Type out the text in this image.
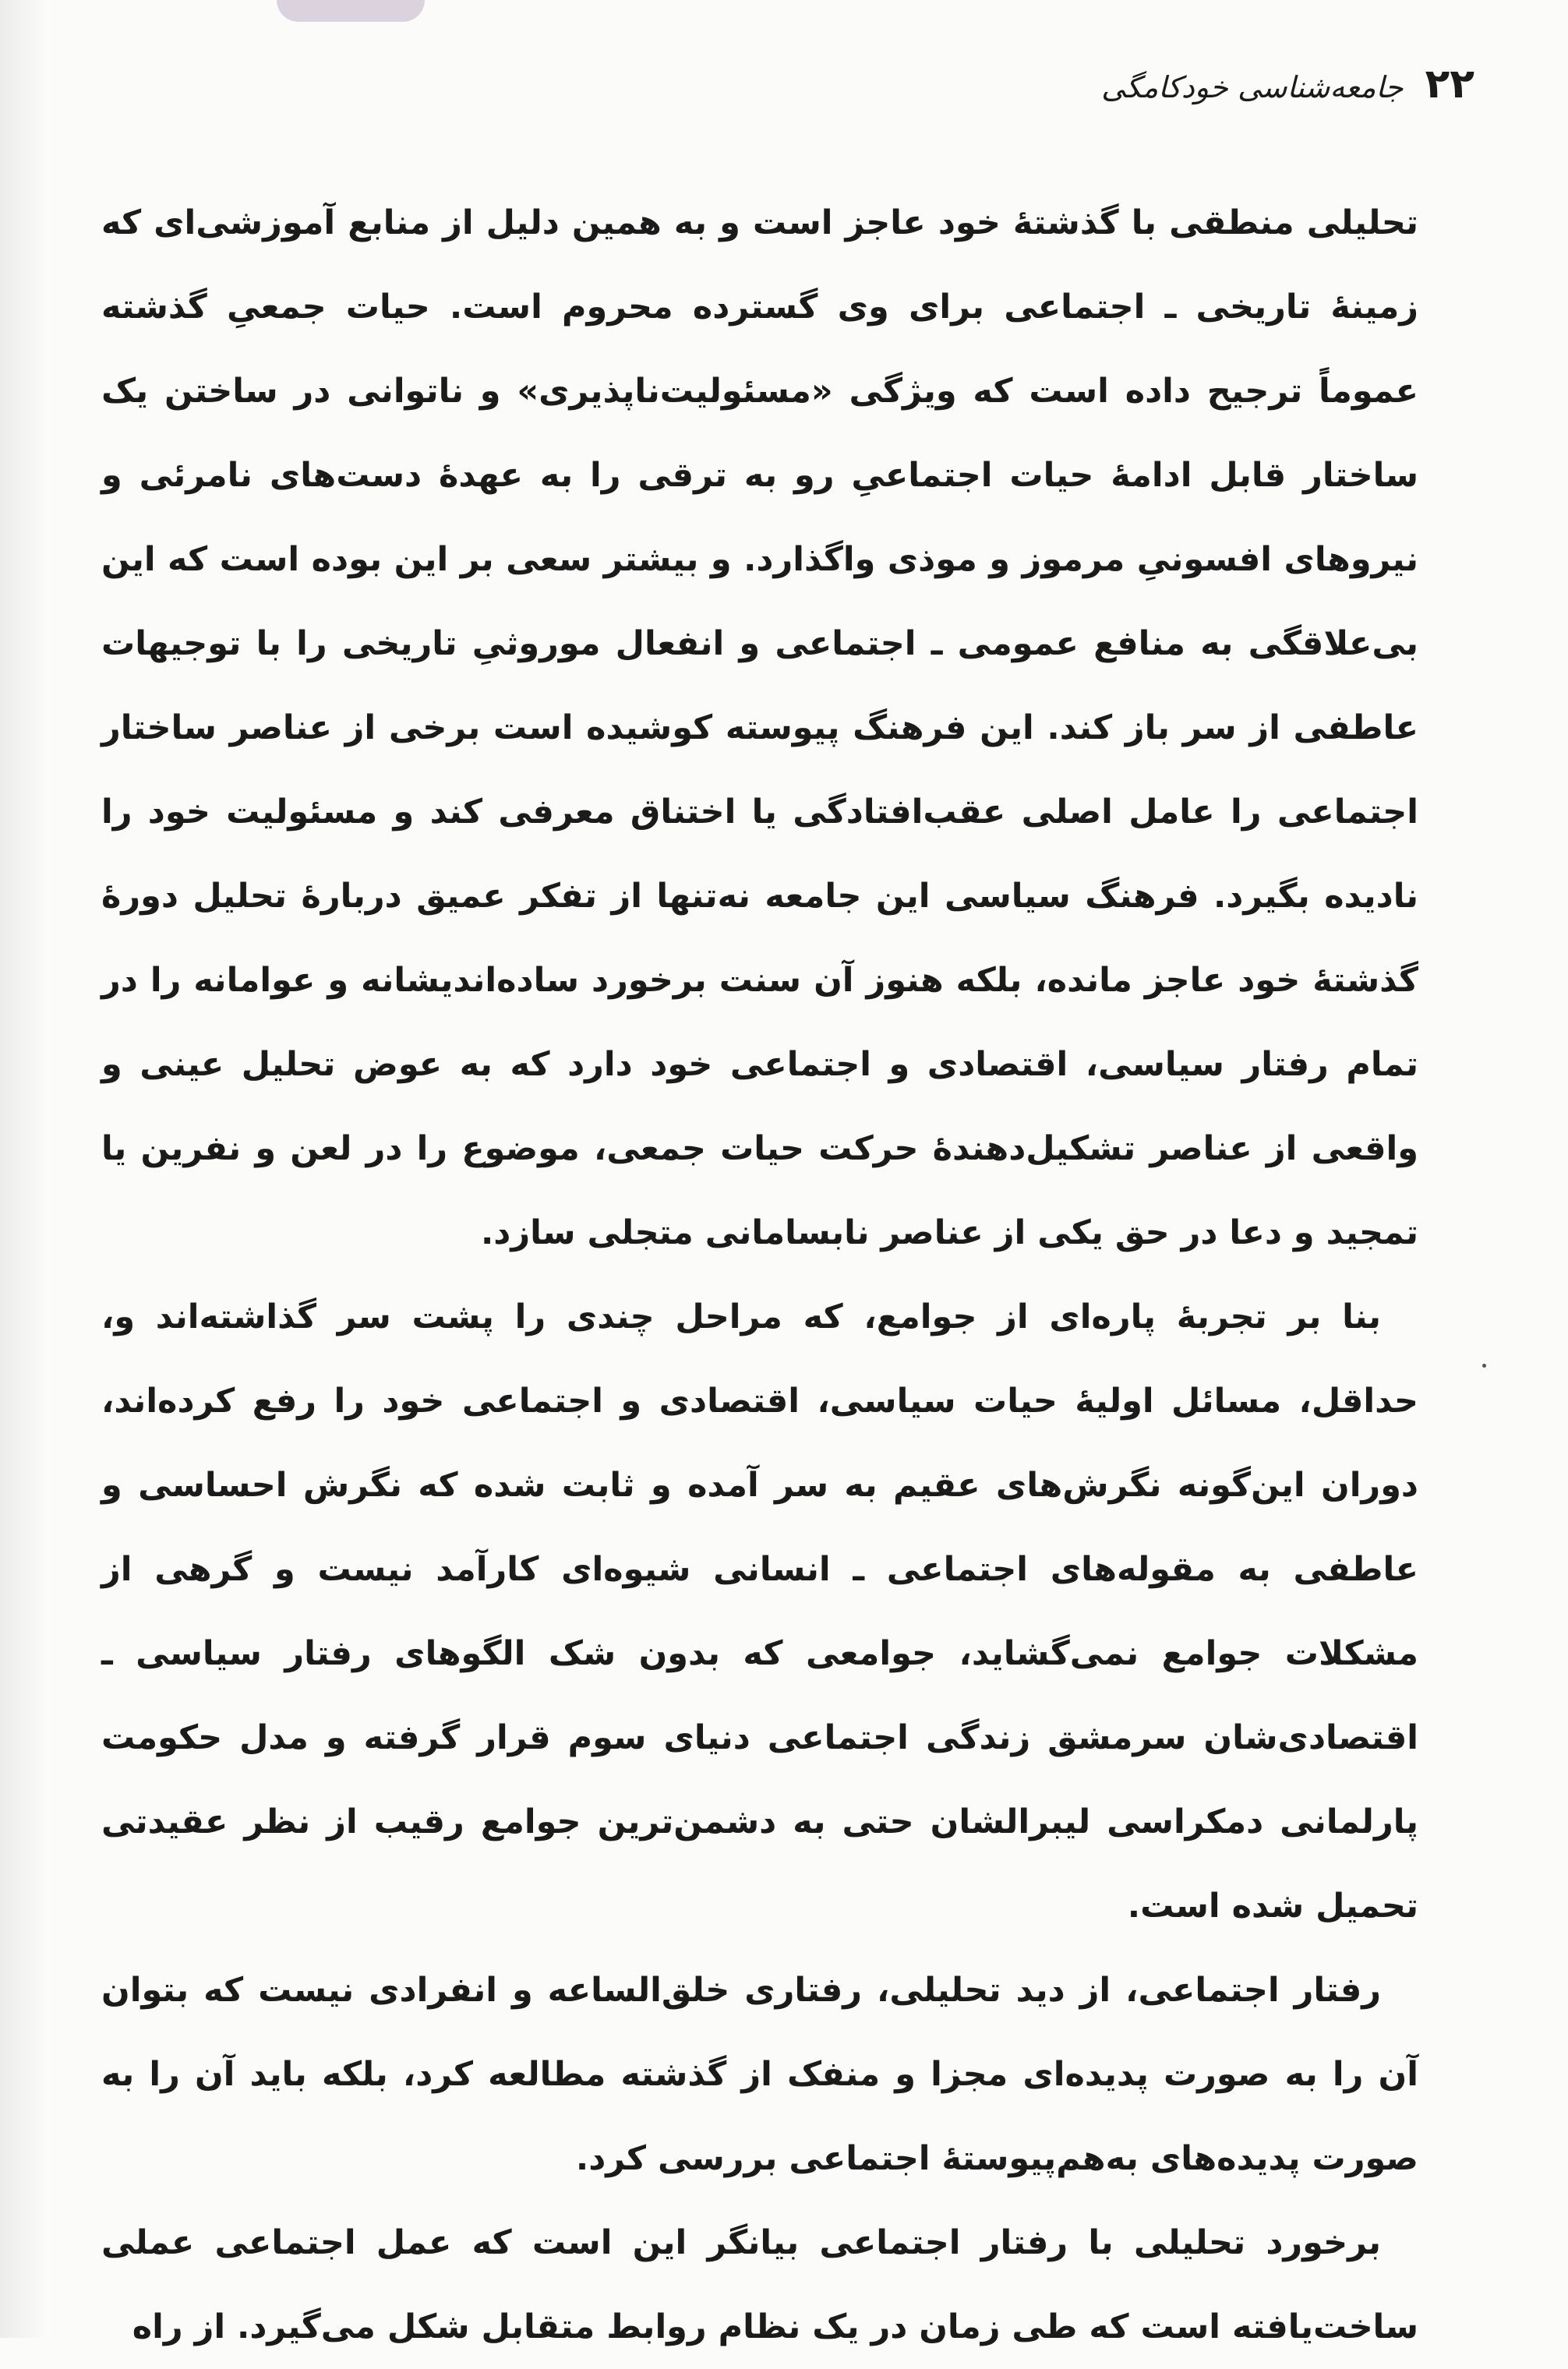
۲۲
جامعه‌شناسی خودکامگی

تحلیلی منطقی با گذشتهٔ خود عاجز است و به همین دلیل از منابع آموزشی‌ای که زمینهٔ تاریخی ـ اجتماعی برای وی گسترده محروم است. حیات جمعیِ گذشته عموماً ترجیح داده است که ویژگی «مسئولیت‌ناپذیری» و ناتوانی در ساختن یک ساختار قابل ادامهٔ حیات اجتماعیِ رو به ترقی را به عهدهٔ دست‌های نامرئی و نیروهای افسونیِ مرموز و موذی واگذارد. و بیشتر سعی بر این بوده است که این بی‌علاقگی به منافع عمومی ـ اجتماعی و انفعال موروثیِ تاریخی را با توجیهات عاطفی از سر باز کند. این فرهنگ پیوسته کوشیده است برخی از عناصر ساختار اجتماعی را عامل اصلی عقب‌افتادگی یا اختناق معرفی کند و مسئولیت خود را نادیده بگیرد. فرهنگ سیاسی این جامعه نه‌تنها از تفکر عمیق دربارهٔ تحلیل دورهٔ گذشتهٔ خود عاجز مانده، بلکه هنوز آن سنت برخورد ساده‌اندیشانه و عوامانه را در تمام رفتار سیاسی، اقتصادی و اجتماعی خود دارد که به عوض تحلیل عینی و واقعی از عناصر تشکیل‌دهندهٔ حرکت حیات جمعی، موضوع را در لعن و نفرین یا تمجید و دعا در حق یکی از عناصر نابسامانی متجلی سازد.

بنا بر تجربهٔ پاره‌ای از جوامع، که مراحل چندی را پشت سر گذاشته‌اند و، حداقل، مسائل اولیهٔ حیات سیاسی، اقتصادی و اجتماعی خود را رفع کرده‌اند، دوران این‌گونه نگرش‌های عقیم به سر آمده و ثابت شده که نگرش احساسی و عاطفی به مقوله‌های اجتماعی ـ انسانی شیوه‌ای کارآمد نیست و گرهی از مشکلات جوامع نمی‌گشاید، جوامعی که بدون شک الگوهای رفتار سیاسی ـ اقتصادی‌شان سرمشق زندگی اجتماعی دنیای سوم قرار گرفته و مدل حکومت پارلمانی دمکراسی لیبرالشان حتی به دشمن‌ترین جوامع رقیب از نظر عقیدتی تحمیل شده است.

رفتار اجتماعی، از دید تحلیلی، رفتاری خلق‌الساعه و انفرادی نیست که بتوان آن را به صورت پدیده‌ای مجزا و منفک از گذشته مطالعه کرد، بلکه باید آن را به صورت پدیده‌های به‌هم‌پیوستهٔ اجتماعی بررسی کرد.

برخورد تحلیلی با رفتار اجتماعی بیانگر این است که عمل اجتماعی عملی ساخت‌یافته است که طی زمان در یک نظام روابط متقابل شکل می‌گیرد. از راه
